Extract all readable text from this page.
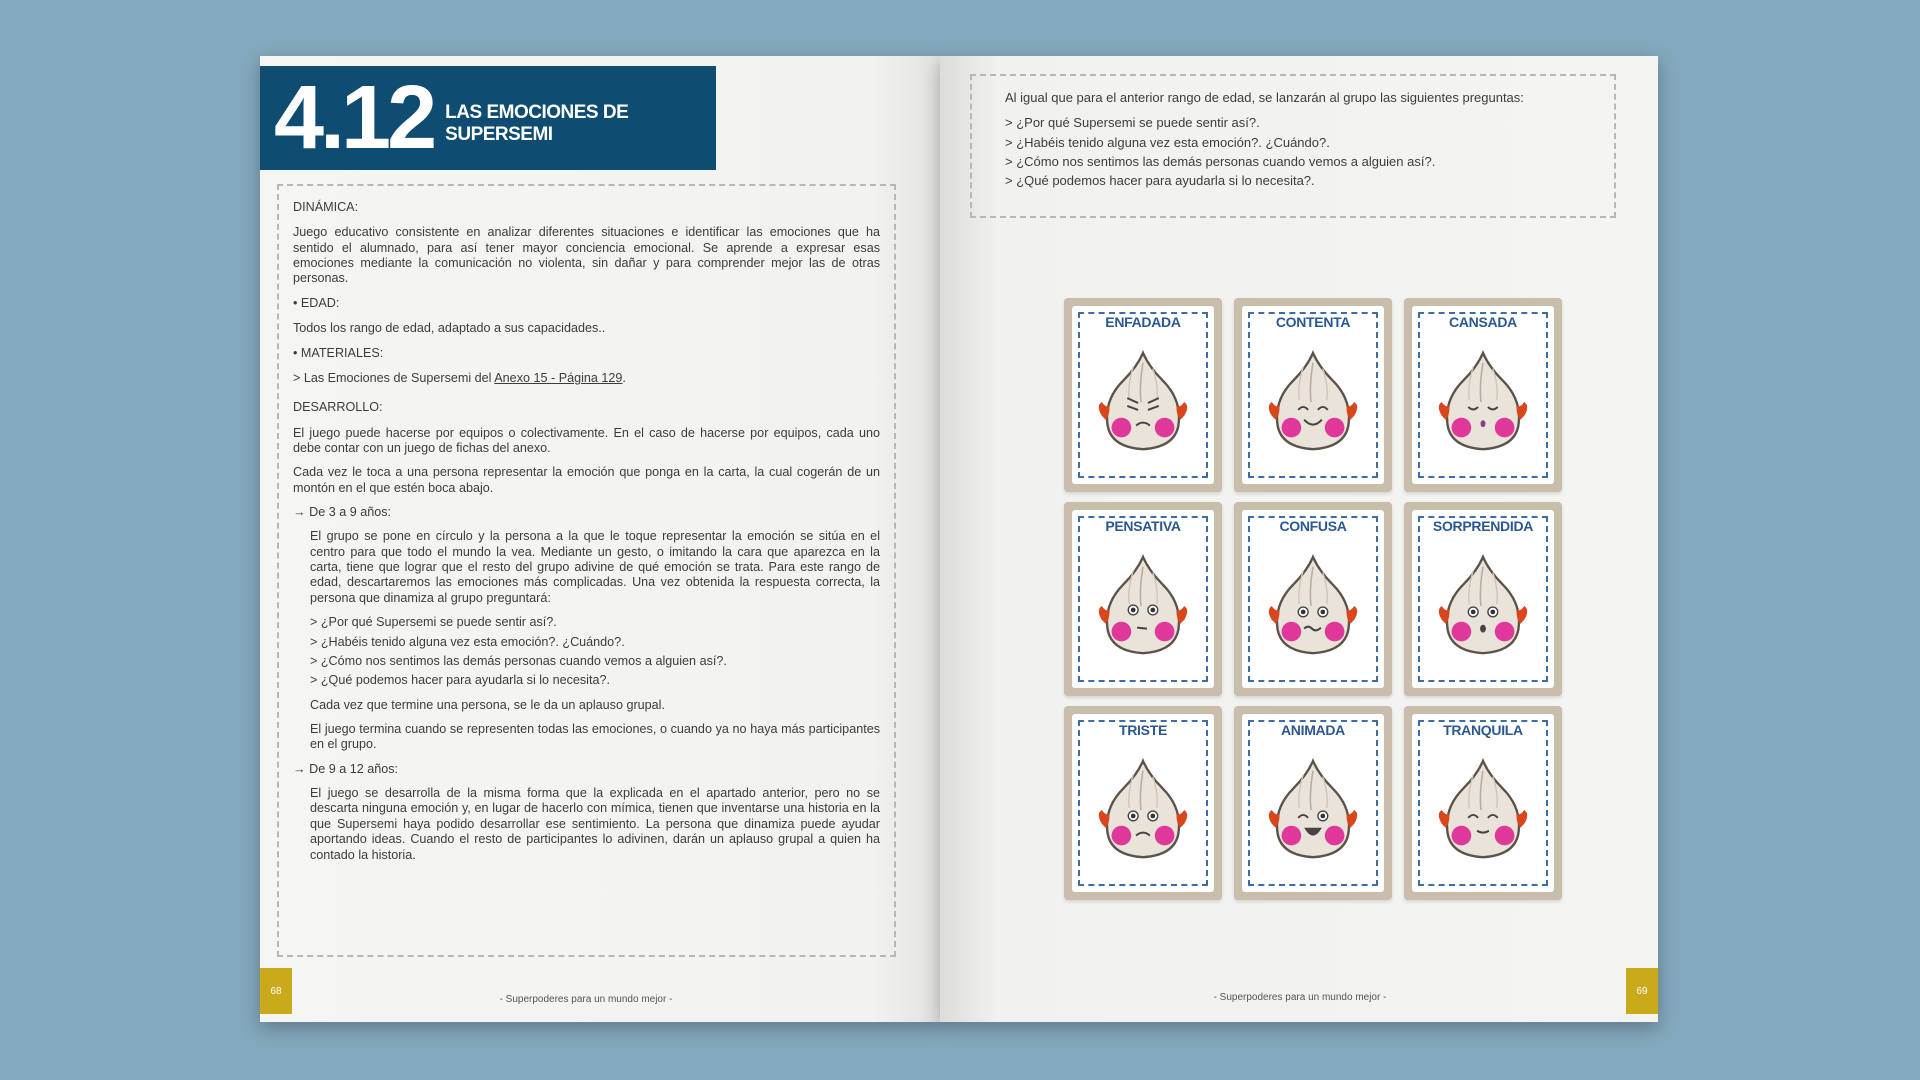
4.12 LAS EMOCIONES DE SUPERSEMI

DINÁMICA:

Juego educativo consistente en analizar diferentes situaciones e identificar las emociones que ha sentido el alumnado, para así tener mayor conciencia emocional. Se aprende a expresar esas emociones mediante la comunicación no violenta, sin dañar y para comprender mejor las de otras personas.

• EDAD:

Todos los rango de edad, adaptado a sus capacidades..

• MATERIALES:

> Las Emociones de Supersemi del Anexo 15 - Página 129.

DESARROLLO:

El juego puede hacerse por equipos o colectivamente. En el caso de hacerse por equipos, cada uno debe contar con un juego de fichas del anexo.

Cada vez le toca a una persona representar la emoción que ponga en la carta, la cual cogerán de un montón en el que estén boca abajo.

→ De 3 a 9 años:

El grupo se pone en círculo y la persona a la que le toque representar la emoción se sitúa en el centro para que todo el mundo la vea. Mediante un gesto, o imitando la cara que aparezca en la carta, tiene que lograr que el resto del grupo adivine de qué emoción se trata. Para este rango de edad, descartaremos las emociones más complicadas. Una vez obtenida la respuesta correcta, la persona que dinamiza al grupo preguntará:

> ¿Por qué Supersemi se puede sentir así?.
> ¿Habéis tenido alguna vez esta emoción?. ¿Cuándo?.
> ¿Cómo nos sentimos las demás personas cuando vemos a alguien así?.
> ¿Qué podemos hacer para ayudarla si lo necesita?.

Cada vez que termine una persona, se le da un aplauso grupal.

El juego termina cuando se representen todas las emociones, o cuando ya no haya más participantes en el grupo.

→ De 9 a 12 años:

El juego se desarrolla de la misma forma que la explicada en el apartado anterior, pero no se descarta ninguna emoción y, en lugar de hacerlo con mímica, tienen que inventarse una historia en la que Supersemi haya podido desarrollar ese sentimiento. La persona que dinamiza puede ayudar aportando ideas. Cuando el resto de participantes lo adivinen, darán un aplauso grupal a quien ha contado la historia.

68
- Superpoderes para un mundo mejor -

Al igual que para el anterior rango de edad, se lanzarán al grupo las siguientes preguntas:

> ¿Por qué Supersemi se puede sentir así?.
> ¿Habéis tenido alguna vez esta emoción?. ¿Cuándo?.
> ¿Cómo nos sentimos las demás personas cuando vemos a alguien así?.
> ¿Qué podemos hacer para ayudarla si lo necesita?.
ENFADADA	CONTENTA	CANSADA
PENSATIVA	CONFUSA	SORPRENDIDA
TRISTE	ANIMADA	TRANQUILA
69
- Superpoderes para un mundo mejor -
